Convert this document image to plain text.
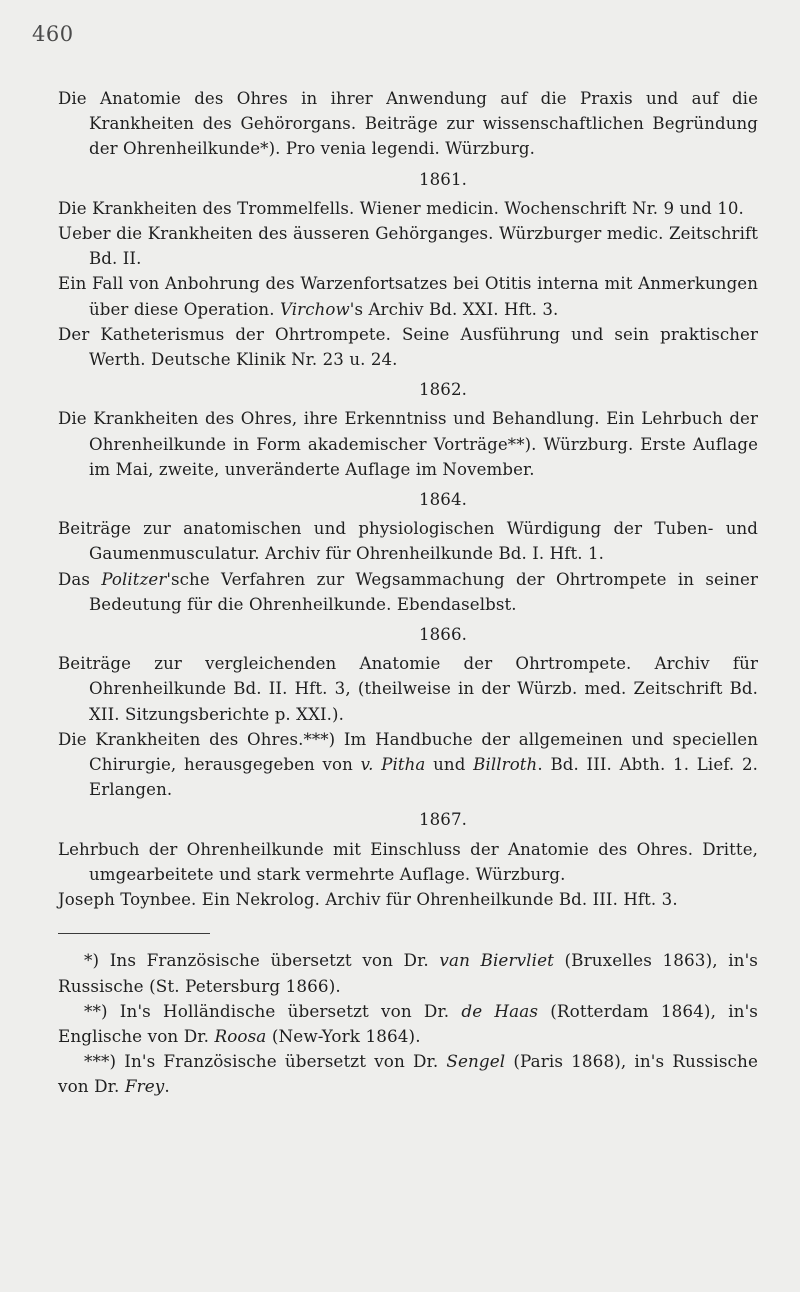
460

Die Anatomie des Ohres in ihrer Anwendung auf die Praxis und auf die Krankheiten des Gehörorgans. Beiträge zur wissenschaftlichen Begründung der Ohrenheilkunde*). Pro venia legendi. Würzburg.

1861.

Die Krankheiten des Trommelfells. Wiener medicin. Wochenschrift Nr. 9 und 10.

Ueber die Krankheiten des äusseren Gehörganges. Würzburger medic. Zeitschrift Bd. II.

Ein Fall von Anbohrung des Warzenfortsatzes bei Otitis interna mit Anmerkungen über diese Operation. Virchow's Archiv Bd. XXI. Hft. 3.

Der Katheterismus der Ohrtrompete. Seine Ausführung und sein praktischer Werth. Deutsche Klinik Nr. 23 u. 24.

1862.

Die Krankheiten des Ohres, ihre Erkenntniss und Behandlung. Ein Lehrbuch der Ohrenheilkunde in Form akademischer Vorträge**). Würzburg. Erste Auflage im Mai, zweite, unveränderte Auflage im November.

1864.

Beiträge zur anatomischen und physiologischen Würdigung der Tuben- und Gaumenmusculatur. Archiv für Ohrenheilkunde Bd. I. Hft. 1.

Das Politzer'sche Verfahren zur Wegsammachung der Ohrtrompete in seiner Bedeutung für die Ohrenheilkunde. Ebendaselbst.

1866.

Beiträge zur vergleichenden Anatomie der Ohrtrompete. Archiv für Ohrenheilkunde Bd. II. Hft. 3, (theilweise in der Würzb. med. Zeitschrift Bd. XII. Sitzungsberichte p. XXI.).

Die Krankheiten des Ohres.***) Im Handbuche der allgemeinen und speciellen Chirurgie, herausgegeben von v. Pitha und Billroth. Bd. III. Abth. 1. Lief. 2. Erlangen.

1867.

Lehrbuch der Ohrenheilkunde mit Einschluss der Anatomie des Ohres. Dritte, umgearbeitete und stark vermehrte Auflage. Würzburg.

Joseph Toynbee. Ein Nekrolog. Archiv für Ohrenheilkunde Bd. III. Hft. 3.

*) Ins Französische übersetzt von Dr. van Biervliet (Bruxelles 1863), in's Russische (St. Petersburg 1866).

**) In's Holländische übersetzt von Dr. de Haas (Rotterdam 1864), in's Englische von Dr. Roosa (New-York 1864).

***) In's Französische übersetzt von Dr. Sengel (Paris 1868), in's Russische von Dr. Frey.
